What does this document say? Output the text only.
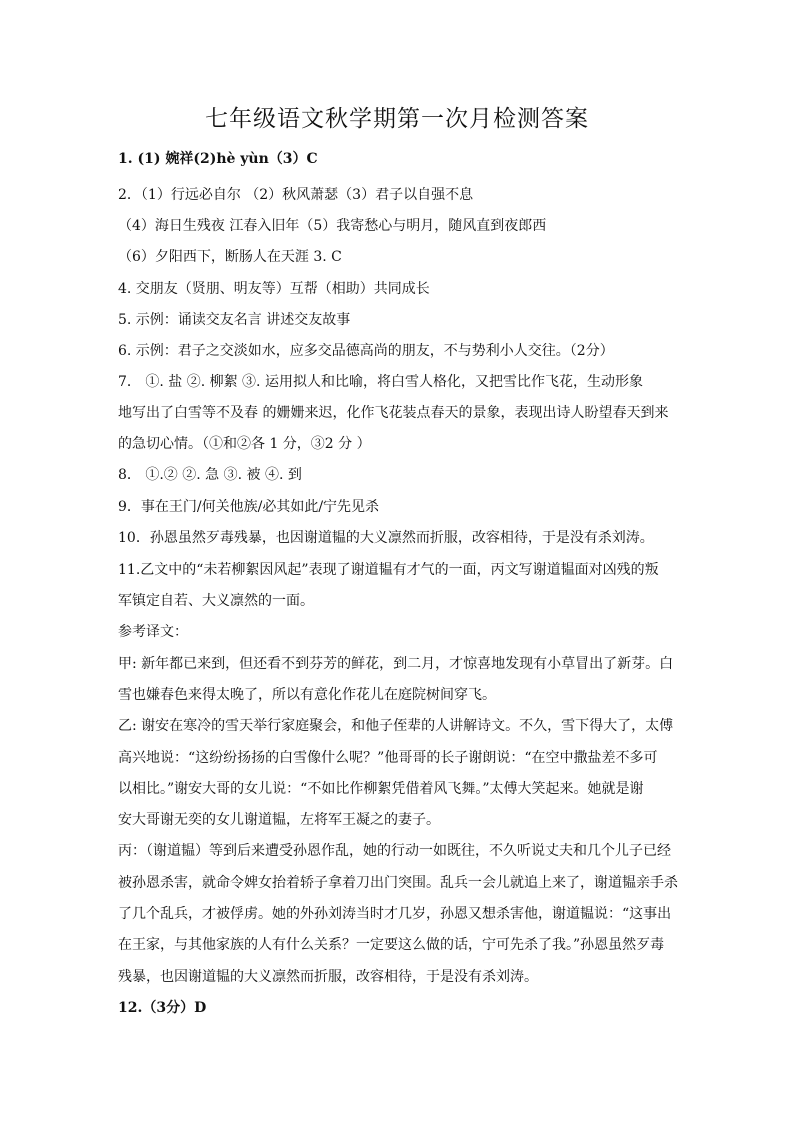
七年级语文秋学期第一次月检测答案
1. (1) 婉祥(2)hè yùn（3）C
2．（1）行远必自尔 （2）秋风萧瑟（3）君子以自强不息
（4）海日生残夜 江春入旧年（5）我寄愁心与明月，随风直到夜郎西
（6）夕阳西下，断肠人在天涯 3. C
4. 交朋友（贤朋、明友等）互帮（相助）共同成长
5. 示例：诵读交友名言 讲述交友故事
6. 示例：君子之交淡如水，应多交品德高尚的朋友，不与势利小人交往。（2分）
7． ①. 盐 ②. 柳絮 ③. 运用拟人和比喻，将白雪人格化，又把雪比作飞花，生动形象
地写出了白雪等不及春 的姗姗来迟，化作飞花装点春天的景象，表现出诗人盼望春天到来
的急切心情。（①和②各 1 分，③2 分 ）
8． ①.② ②. 急 ③. 被 ④. 到
9．事在王门/何关他族/必其如此/宁先见杀
10．孙恩虽然歹毒残暴，也因谢道韫的大义凛然而折服，改容相待，于是没有杀刘涛。
11.乙文中的“未若柳絮因风起”表现了谢道韫有才气的一面，丙文写谢道韫面对凶残的叛
军镇定自若、大义凛然的一面。
参考译文：
甲: 新年都已来到，但还看不到芬芳的鲜花，到二月，才惊喜地发现有小草冒出了新芽。白
雪也嫌春色来得太晚了，所以有意化作花儿在庭院树间穿飞。
乙: 谢安在寒冷的雪天举行家庭聚会，和他子侄辈的人讲解诗文。不久，雪下得大了，太傅
高兴地说：“这纷纷扬扬的白雪像什么呢？”他哥哥的长子谢朗说：“在空中撒盐差不多可
以相比。”谢安大哥的女儿说：“不如比作柳絮凭借着风飞舞。”太傅大笑起来。她就是谢
安大哥谢无奕的女儿谢道韫，左将军王凝之的妻子。
丙：（谢道韫）等到后来遭受孙恩作乱，她的行动一如既往，不久听说丈夫和几个儿子已经
被孙恩杀害，就命令婢女抬着轿子拿着刀出门突围。乱兵一会儿就追上来了，谢道韫亲手杀
了几个乱兵，才被俘虏。她的外孙刘涛当时才几岁，孙恩又想杀害他，谢道韫说：“这事出
在王家，与其他家族的人有什么关系？一定要这么做的话，宁可先杀了我。”孙恩虽然歹毒
残暴，也因谢道韫的大义凛然而折服，改容相待，于是没有杀刘涛。
12.（3分）D
